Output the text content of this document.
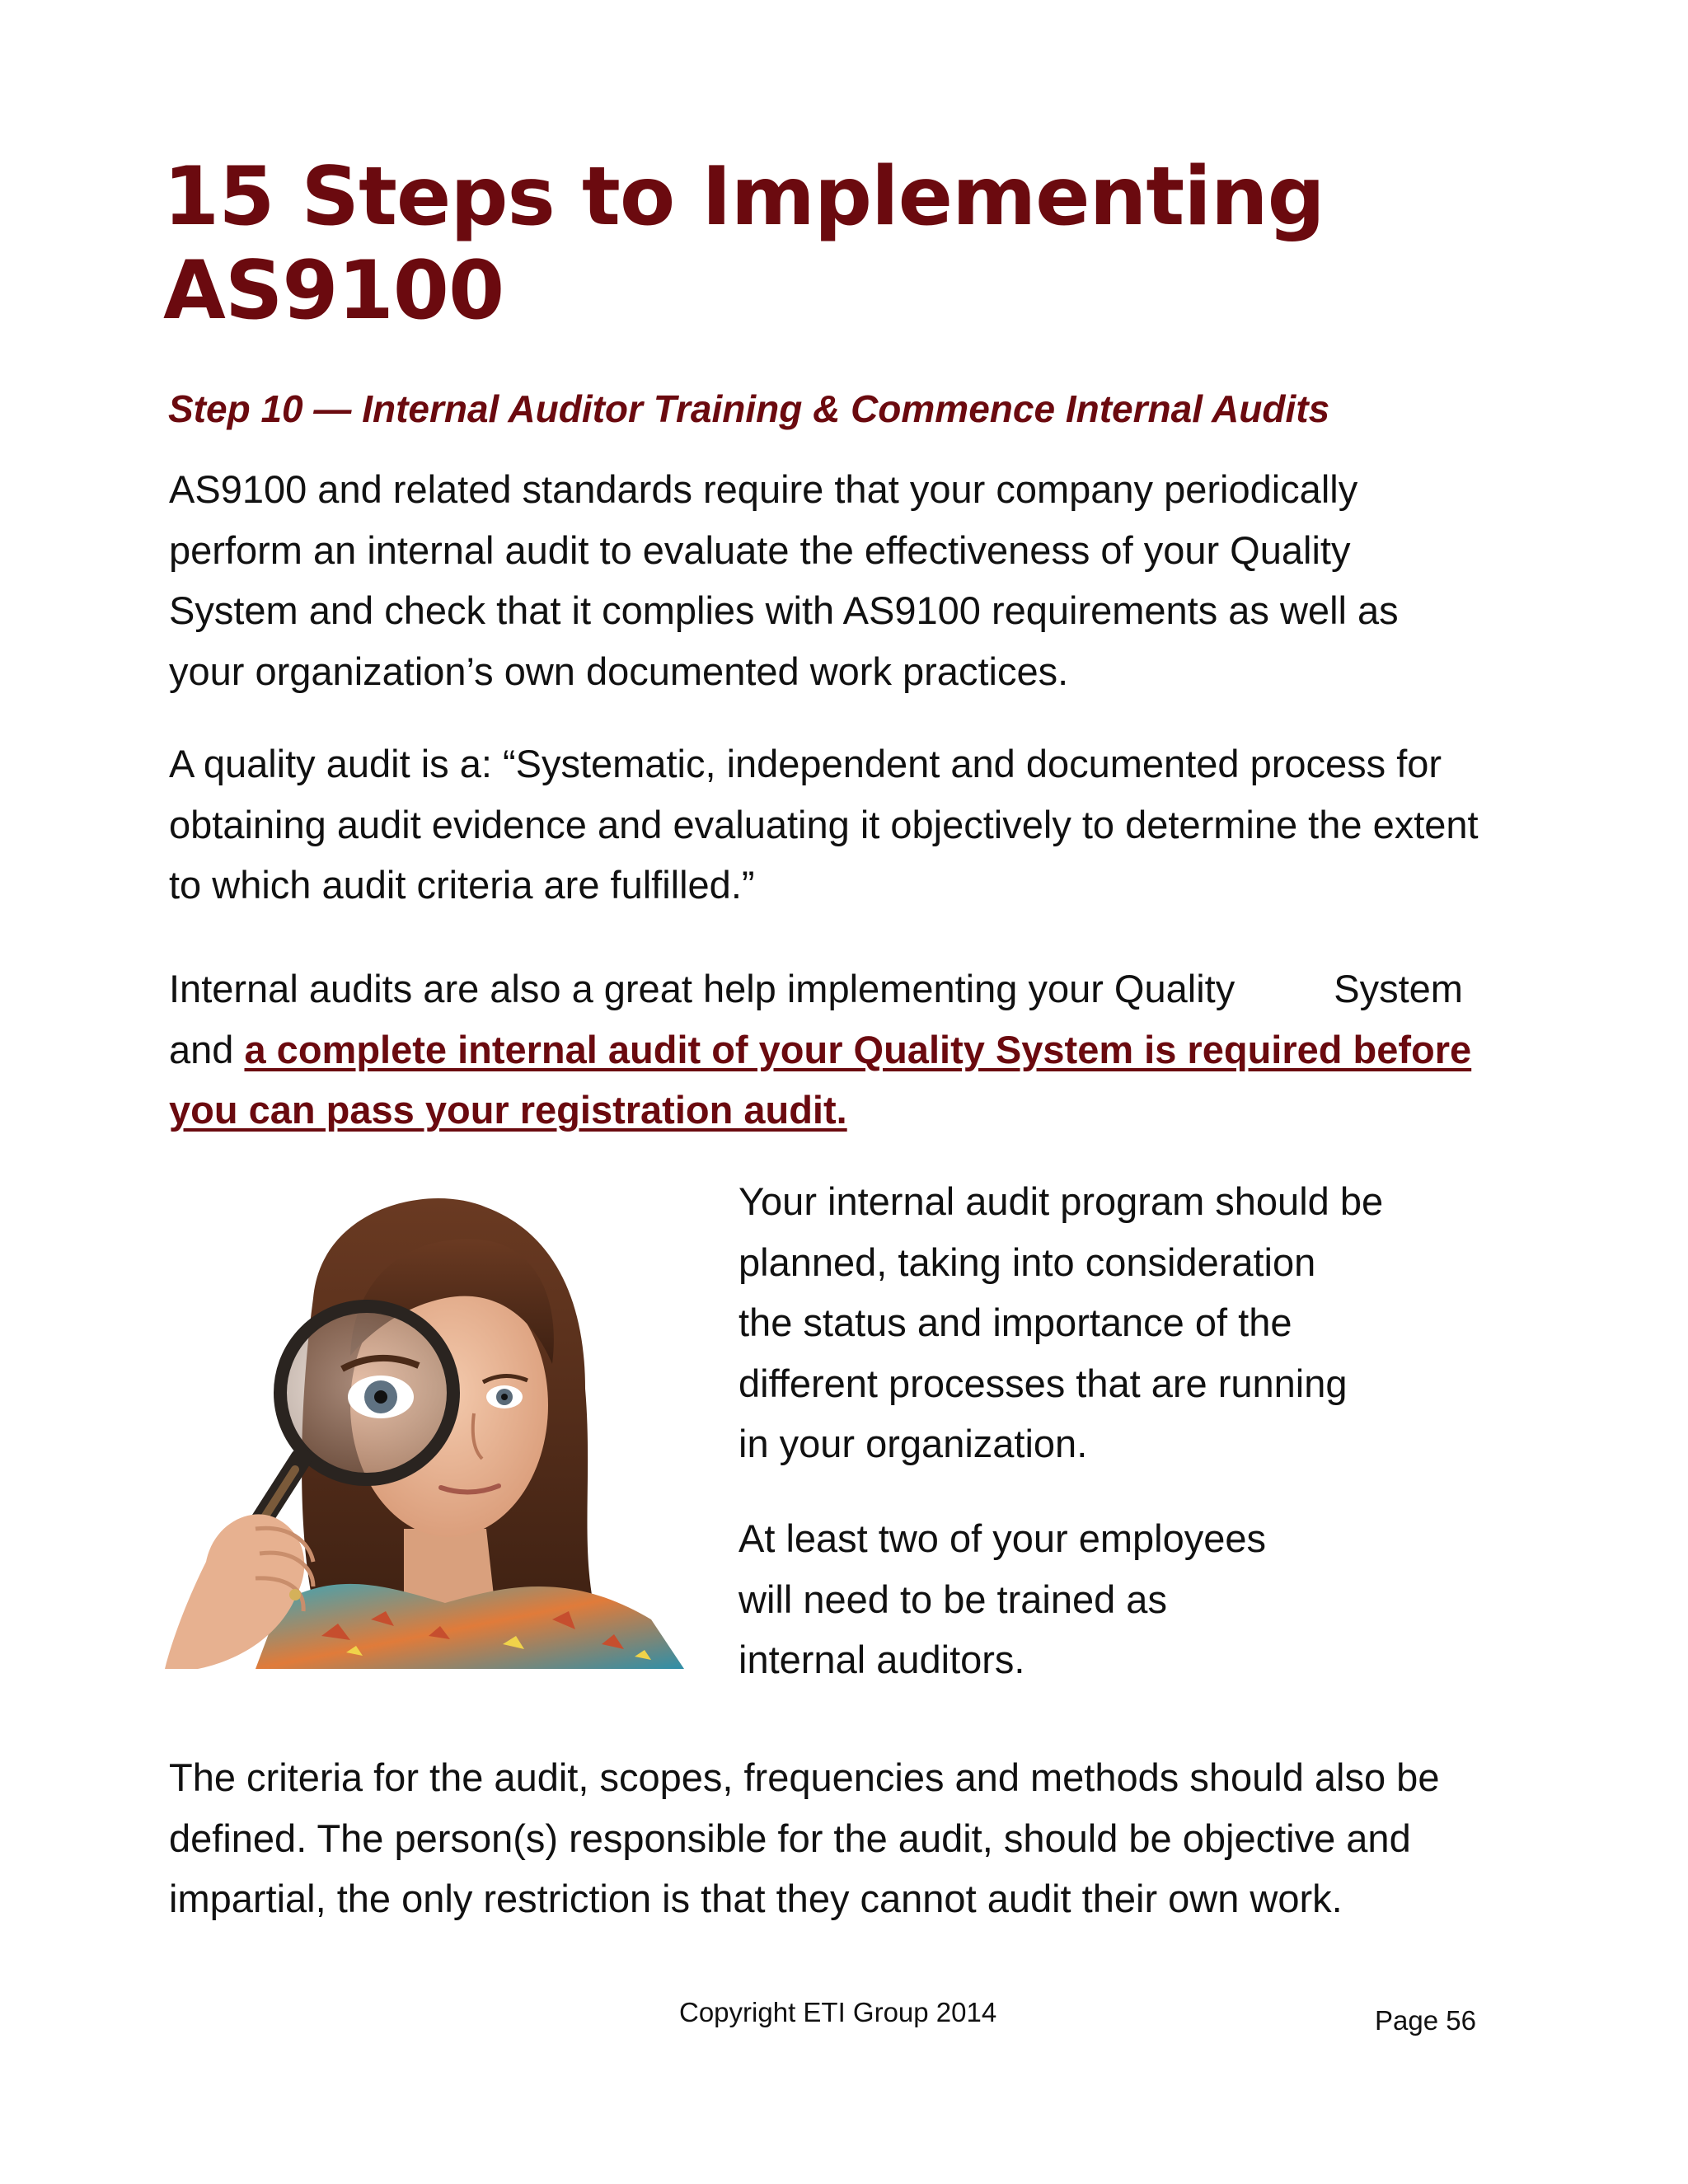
15 Steps to Implementing
AS9100
Step 10 — Internal Auditor Training & Commence Internal Audits

AS9100 and related standards require that your company periodically perform an internal audit to evaluate the effectiveness of your Quality System and check that it complies with AS9100 requirements as well as your organization’s own documented work practices.

A quality audit is a: “Systematic, independent and documented process for obtaining audit evidence and evaluating it objectively to determine the extent to which audit criteria are fulfilled.”

Internal audits are also a great help implementing your Quality	System and a complete internal audit of your Quality System is required before you can pass your registration audit.

Your internal audit program should be
planned, taking into consideration
the status and importance of the
different processes that are running
in your organization.

At least two of your employees
will need to be trained as
internal auditors.

The criteria for the audit, scopes, frequencies and methods should also be defined. The person(s) responsible for the audit, should be objective and impartial, the only restriction is that they cannot audit their own work.

Copyright ETI Group 2014	Page 56
